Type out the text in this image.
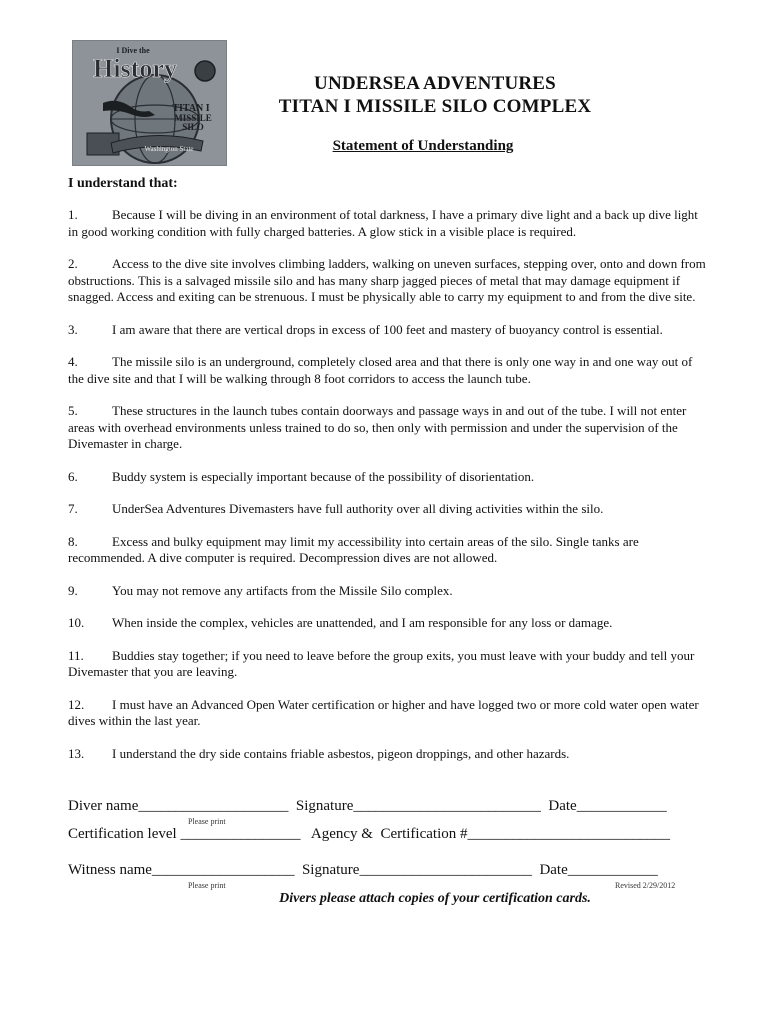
Washington State
I Dive the
History
TITAN I
MISSILE
SILO
UNDERSEA ADVENTURES
TITAN I MISSILE SILO COMPLEX
Statement of Understanding
I understand that:
1.	Because I will be diving in an environment of total darkness, I have a primary dive light and a back up dive light in good working condition with fully charged batteries. A glow stick in a visible place is required.
2.	Access to the dive site involves climbing ladders, walking on uneven surfaces, stepping over, onto and down from obstructions. This is a salvaged missile silo and has many sharp jagged pieces of metal that may damage equipment if snagged. Access and exiting can be strenuous. I must be physically able to carry my equipment to and from the dive site.
3.	I am aware that there are vertical drops in excess of 100 feet and mastery of buoyancy control is essential.
4.	The missile silo is an underground, completely closed area and that there is only one way in and one way out of the dive site and that I will be walking through 8 foot corridors to access the launch tube.
5.	These structures in the launch tubes contain doorways and passage ways in and out of the tube. I will not enter areas with overhead environments unless trained to do so, then only with permission and under the supervision of the Divemaster in charge.
6.	Buddy system is especially important because of the possibility of disorientation.
7.	UnderSea Adventures Divemasters have full authority over all diving activities within the silo.
8.	Excess and bulky equipment may limit my accessibility into certain areas of the silo. Single tanks are recommended. A dive computer is required. Decompression dives are not allowed.
9.	You may not remove any artifacts from the Missile Silo complex.
10. When inside the complex, vehicles are unattended, and I am responsible for any loss or damage.
11. Buddies stay together; if you need to leave before the group exits, you must leave with your buddy and tell your Divemaster that you are leaving.
12. I must have an Advanced Open Water certification or higher and have logged two or more cold water open water dives within the last year.
13. I understand the dry side contains friable asbestos, pigeon droppings, and other hazards.
Diver name____________________  Signature_________________________  Date____________
Please print
Certification level ________________   Agency &  Certification #___________________________
Witness name___________________  Signature_______________________  Date____________
Please print	Revised 2/29/2012
Divers please attach copies of your certification cards.
